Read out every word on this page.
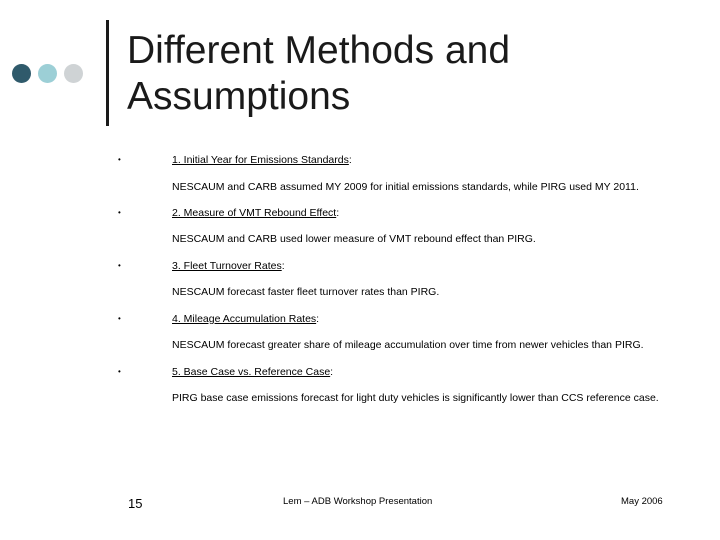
Different Methods and
Assumptions
•	1. Initial Year for Emissions Standards:
NESCAUM and CARB assumed MY 2009 for initial emissions standards, while PIRG used MY 2011.
•	2. Measure of VMT Rebound Effect:
NESCAUM and CARB used lower measure of VMT rebound effect than PIRG.
•	3. Fleet Turnover Rates:
NESCAUM forecast faster fleet turnover rates than PIRG.
•	4. Mileage Accumulation Rates:
NESCAUM forecast greater share of mileage accumulation over time from newer vehicles than PIRG.
•	5. Base Case vs. Reference Case:
PIRG base case emissions forecast for light duty vehicles is significantly lower than CCS reference case.
15	Lem – ADB Workshop Presentation	May 2006
